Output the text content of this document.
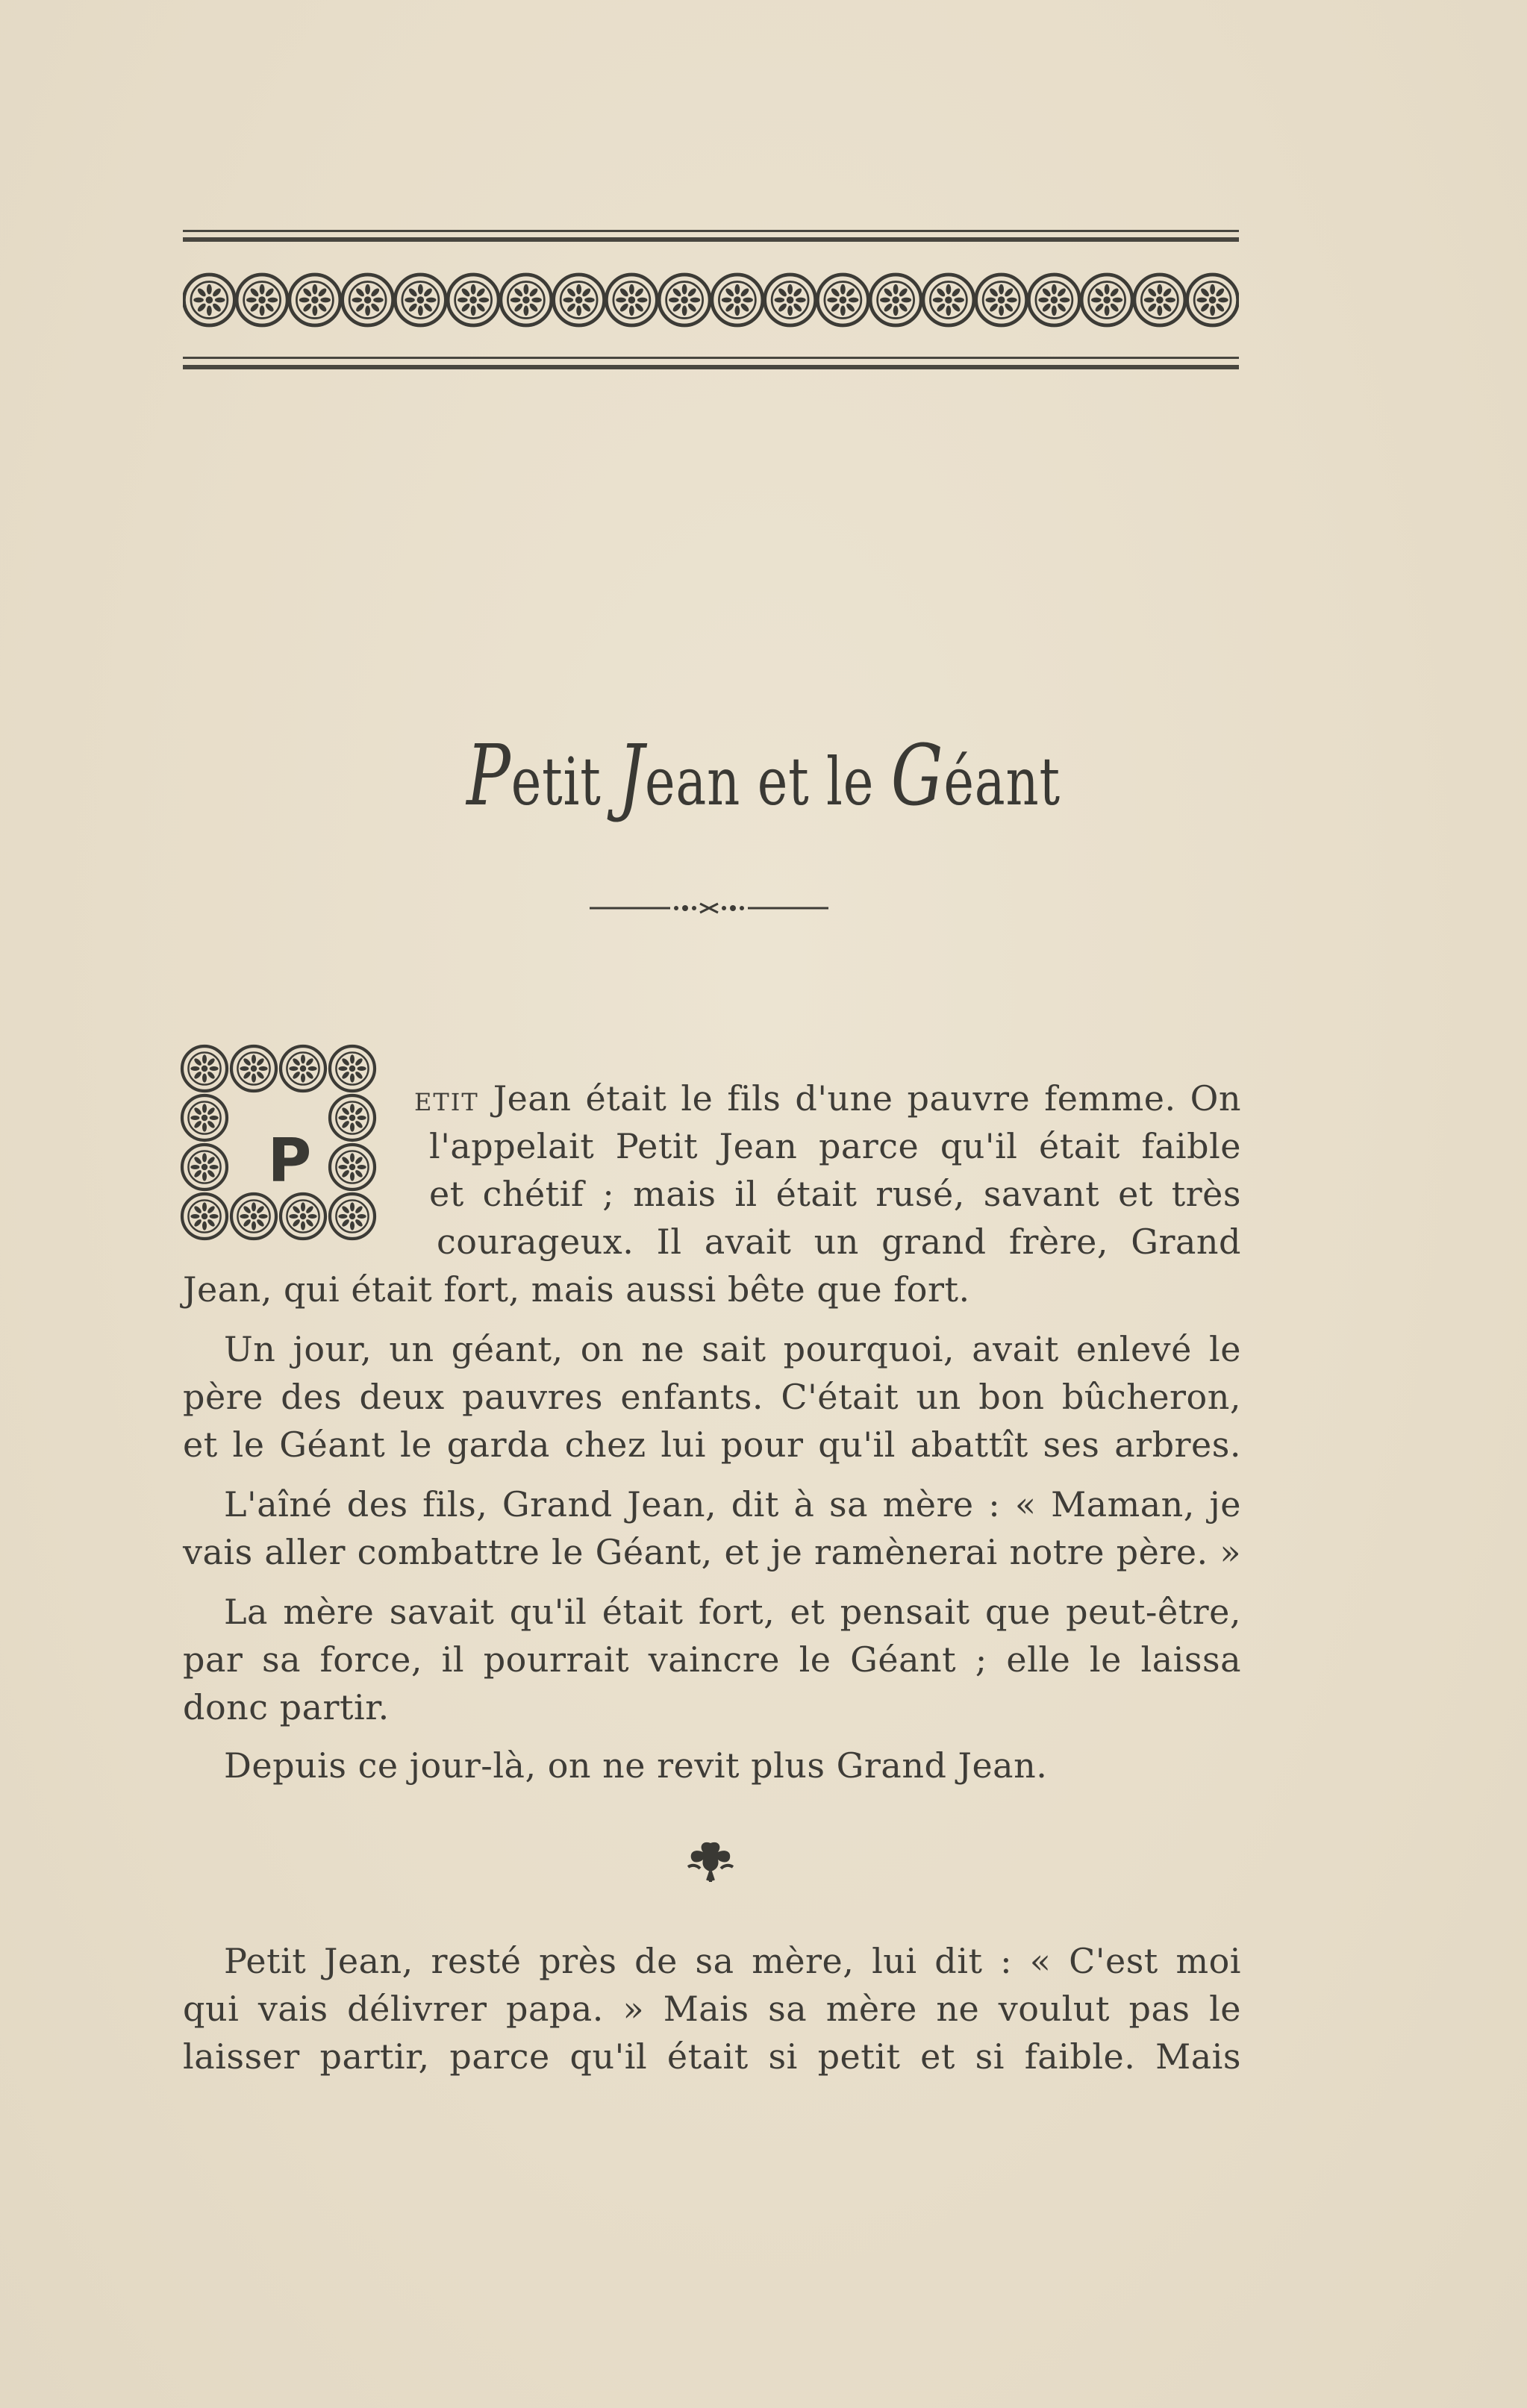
Petit Jean et le Géant
P
ETIT Jean était le fils d'une pauvre femme. On
l'appelait Petit Jean parce qu'il était faible
et chétif ; mais il était rusé, savant et très
courageux. Il avait un grand frère, Grand
Jean, qui était fort, mais aussi bête que fort.
Un jour, un géant, on ne sait pourquoi, avait enlevé le
père des deux pauvres enfants. C'était un bon bûcheron,
et le Géant le garda chez lui pour qu'il abattît ses arbres.
L'aîné des fils, Grand Jean, dit à sa mère : « Maman, je
vais aller combattre le Géant, et je ramènerai notre père. »
La mère savait qu'il était fort, et pensait que peut-être,
par sa force, il pourrait vaincre le Géant ; elle le laissa
donc partir.
Depuis ce jour-là, on ne revit plus Grand Jean.
Petit Jean, resté près de sa mère, lui dit : « C'est moi
qui vais délivrer papa. » Mais sa mère ne voulut pas le
laisser partir, parce qu'il était si petit et si faible. Mais
